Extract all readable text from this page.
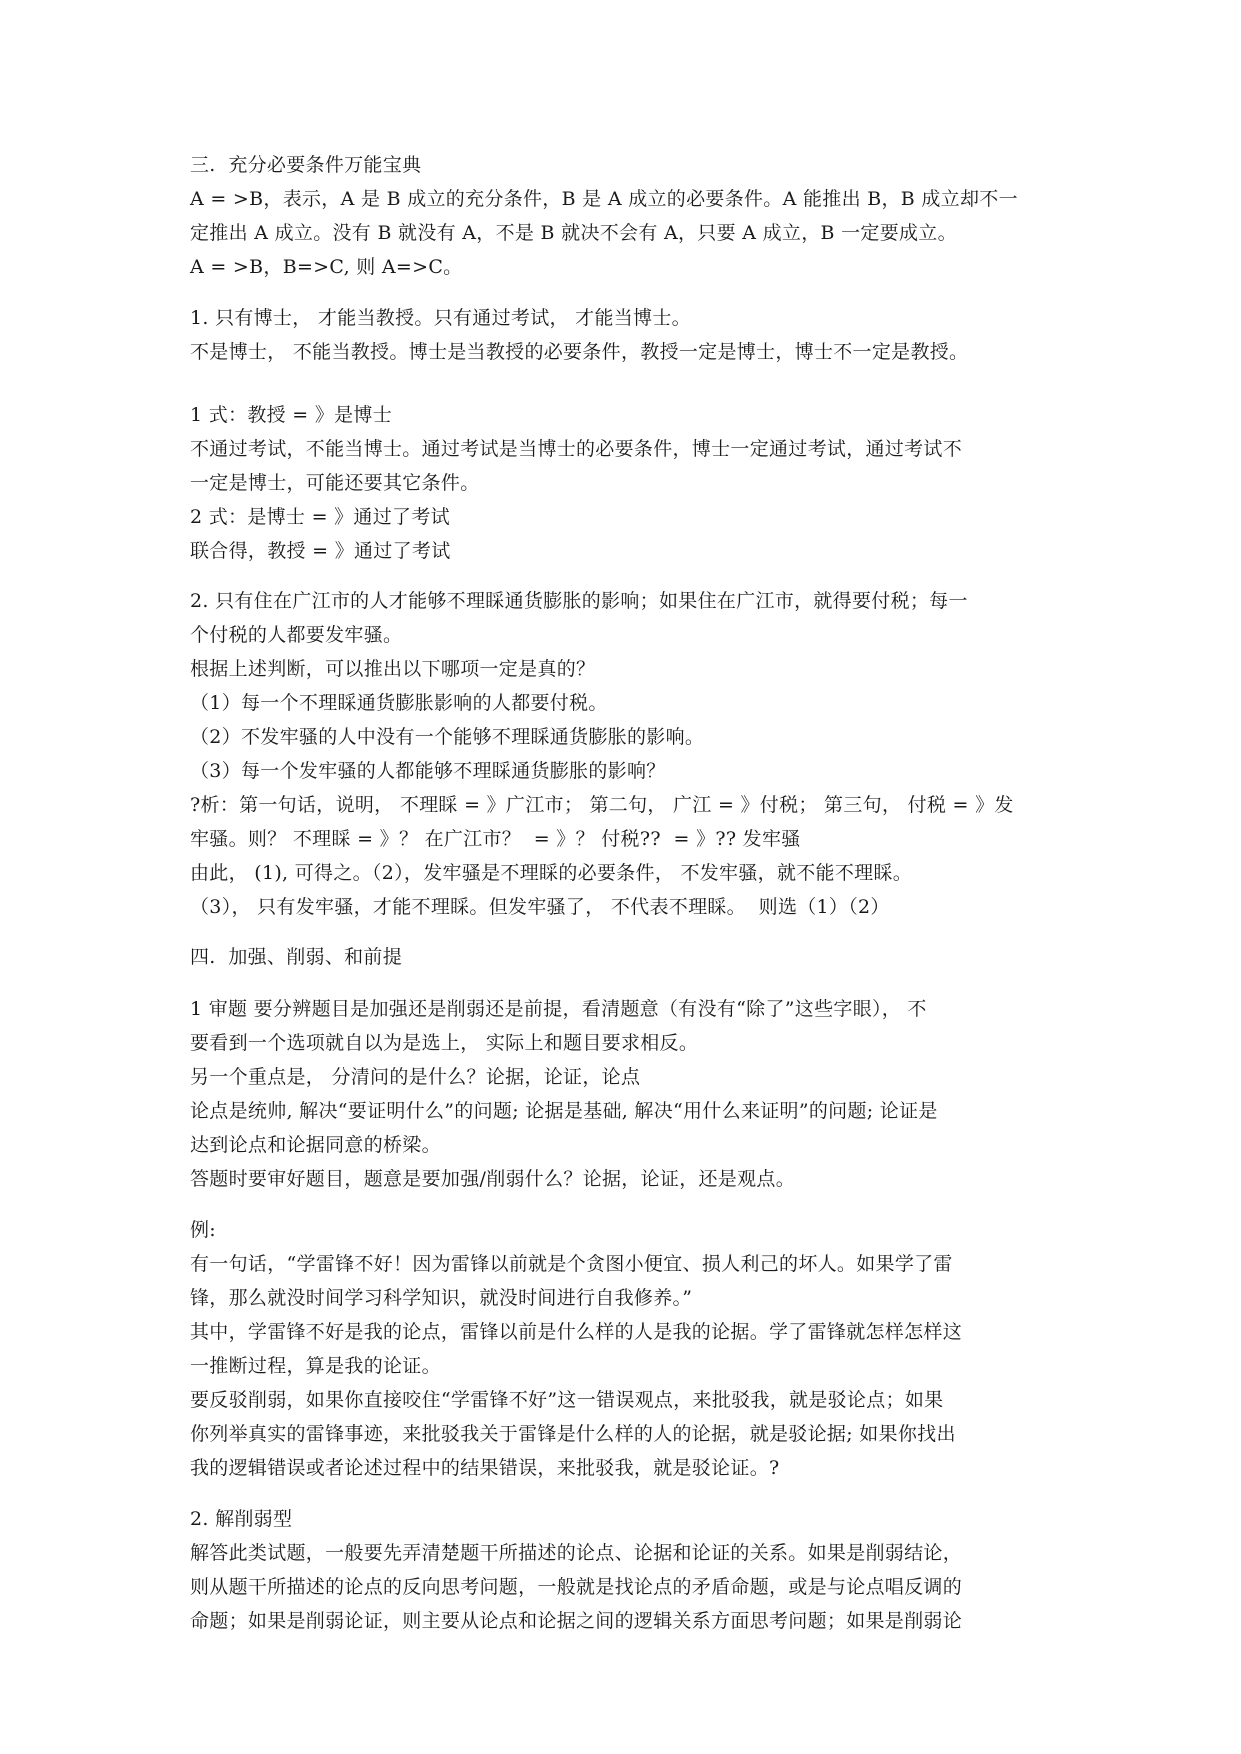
三.  充分必要条件万能宝典
A = >B，表示，A 是 B 成立的充分条件，B 是 A 成立的必要条件。A 能推出 B，B 成立却不一
定推出 A 成立。没有 B 就没有 A，不是 B 就决不会有 A，只要 A 成立，B 一定要成立。
A = >B，B=>C, 则 A=>C。
1. 只有博士， 才能当教授。只有通过考试， 才能当博士。
不是博士， 不能当教授。博士是当教授的必要条件，教授一定是博士，博士不一定是教授。
1 式：教授 = 》是博士
不通过考试，不能当博士。通过考试是当博士的必要条件，博士一定通过考试，通过考试不
一定是博士，可能还要其它条件。
2 式：是博士 = 》通过了考试
联合得，教授 = 》通过了考试
2. 只有住在广江市的人才能够不理睬通货膨胀的影响；如果住在广江市，就得要付税；每一
个付税的人都要发牢骚。
根据上述判断，可以推出以下哪项一定是真的？
（1）每一个不理睬通货膨胀影响的人都要付税。
（2）不发牢骚的人中没有一个能够不理睬通货膨胀的影响。
（3）每一个发牢骚的人都能够不理睬通货膨胀的影响？
?析：第一句话，说明， 不理睬 = 》广江市； 第二句， 广江 = 》付税； 第三句， 付税 = 》发
牢骚。则？ 不理睬 = 》？ 在广江市？  = 》？ 付税??  = 》?? 发牢骚
由此， (1), 可得之。（2），发牢骚是不理睬的必要条件， 不发牢骚，就不能不理睬。
（3）， 只有发牢骚，才能不理睬。但发牢骚了， 不代表不理睬。  则选（1）（2）
四.  加强、削弱、和前提
1 审题 要分辨题目是加强还是削弱还是前提，看清题意（有没有“除了”这些字眼）， 不
要看到一个选项就自以为是选上， 实际上和题目要求相反。
另一个重点是， 分清问的是什么？论据，论证，论点
论点是统帅, 解决“要证明什么”的问题; 论据是基础, 解决“用什么来证明”的问题; 论证是
达到论点和论据同意的桥梁。
答题时要审好题目，题意是要加强/削弱什么？论据，论证，还是观点。
例:
有一句话，“学雷锋不好！因为雷锋以前就是个贪图小便宜、损人利己的坏人。如果学了雷
锋，那么就没时间学习科学知识，就没时间进行自我修养。”
其中，学雷锋不好是我的论点，雷锋以前是什么样的人是我的论据。学了雷锋就怎样怎样这
一推断过程，算是我的论证。
要反驳削弱，如果你直接咬住“学雷锋不好”这一错误观点，来批驳我，就是驳论点；如果
你列举真实的雷锋事迹，来批驳我关于雷锋是什么样的人的论据，就是驳论据; 如果你找出
我的逻辑错误或者论述过程中的结果错误，来批驳我，就是驳论证。?
2. 解削弱型
解答此类试题，一般要先弄清楚题干所描述的论点、论据和论证的关系。如果是削弱结论，
则从题干所描述的论点的反向思考问题，一般就是找论点的矛盾命题，或是与论点唱反调的
命题；如果是削弱论证，则主要从论点和论据之间的逻辑关系方面思考问题；如果是削弱论
